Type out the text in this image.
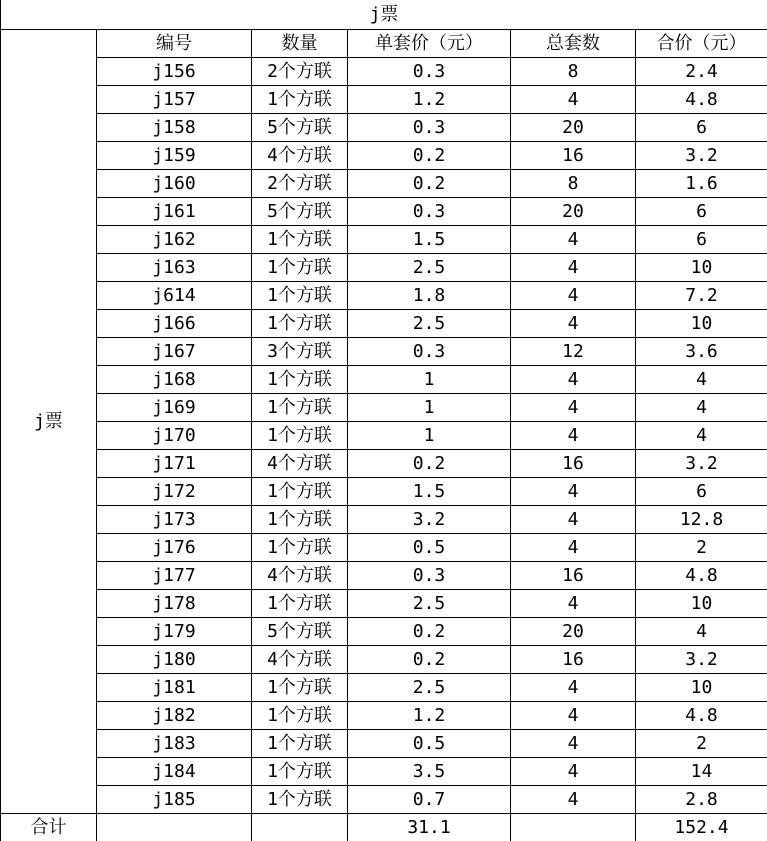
j票					
j票	编号	数量	单套价（元）	总套数	合价（元）
	j156	2个方联	0.3	8	2.4
	j157	1个方联	1.2	4	4.8
	j158	5个方联	0.3	20	6
	j159	4个方联	0.2	16	3.2
	j160	2个方联	0.2	8	1.6
	j161	5个方联	0.3	20	6
	j162	1个方联	1.5	4	6
	j163	1个方联	2.5	4	10
	j614	1个方联	1.8	4	7.2
	j166	1个方联	2.5	4	10
	j167	3个方联	0.3	12	3.6
	j168	1个方联	1	4	4
	j169	1个方联	1	4	4
	j170	1个方联	1	4	4
	j171	4个方联	0.2	16	3.2
	j172	1个方联	1.5	4	6
	j173	1个方联	3.2	4	12.8
	j176	1个方联	0.5	4	2
	j177	4个方联	0.3	16	4.8
	j178	1个方联	2.5	4	10
	j179	5个方联	0.2	20	4
	j180	4个方联	0.2	16	3.2
	j181	1个方联	2.5	4	10
	j182	1个方联	1.2	4	4.8
	j183	1个方联	0.5	4	2
	j184	1个方联	3.5	4	14
	j185	1个方联	0.7	4	2.8
合计			31.1		152.4
